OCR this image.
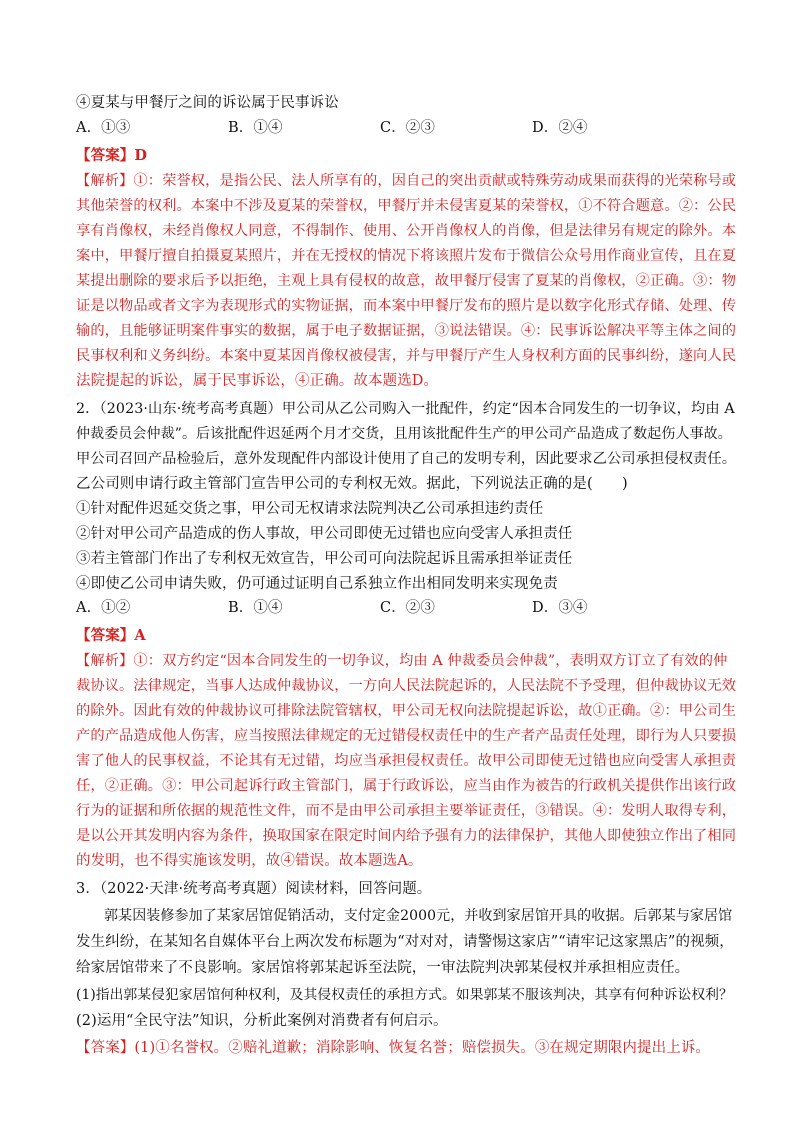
④夏某与甲餐厅之间的诉讼属于民事诉讼
A．①③	B．①④	C．②③	D．②④
【答案】D
【解析】①：荣誉权，是指公民、法人所享有的，因自己的突出贡献或特殊劳动成果而获得的光荣称号或
其他荣誉的权利。本案中不涉及夏某的荣誉权，甲餐厅并未侵害夏某的荣誉权，①不符合题意。②：公民
享有肖像权，未经肖像权人同意，不得制作、使用、公开肖像权人的肖像，但是法律另有规定的除外。本
案中，甲餐厅擅自拍摄夏某照片，并在无授权的情况下将该照片发布于微信公众号用作商业宣传，且在夏
某提出删除的要求后予以拒绝，主观上具有侵权的故意，故甲餐厅侵害了夏某的肖像权，②正确。③：物
证是以物品或者文字为表现形式的实物证据，而本案中甲餐厅发布的照片是以数字化形式存储、处理、传
输的，且能够证明案件事实的数据，属于电子数据证据，③说法错误。④：民事诉讼解决平等主体之间的
民事权利和义务纠纷。本案中夏某因肖像权被侵害，并与甲餐厅产生人身权利方面的民事纠纷，遂向人民
法院提起的诉讼，属于民事诉讼，④正确。故本题选D。
2．（2023·山东·统考高考真题）甲公司从乙公司购入一批配件，约定“因本合同发生的一切争议，均由 A
仲裁委员会仲裁”。后该批配件迟延两个月才交货，且用该批配件生产的甲公司产品造成了数起伤人事故。
甲公司召回产品检验后，意外发现配件内部设计使用了自己的发明专利，因此要求乙公司承担侵权责任。
乙公司则申请行政主管部门宣告甲公司的专利权无效。据此，下列说法正确的是(　　)
①针对配件迟延交货之事，甲公司无权请求法院判决乙公司承担违约责任
②针对甲公司产品造成的伤人事故，甲公司即使无过错也应向受害人承担责任
③若主管部门作出了专利权无效宣告，甲公司可向法院起诉且需承担举证责任
④即使乙公司申请失败，仍可通过证明自己系独立作出相同发明来实现免责
A．①②	B．①④	C．②③	D．③④
【答案】A
【解析】①：双方约定“因本合同发生的一切争议，均由 A 仲裁委员会仲裁”，表明双方订立了有效的仲
裁协议。法律规定，当事人达成仲裁协议，一方向人民法院起诉的，人民法院不予受理，但仲裁协议无效
的除外。因此有效的仲裁协议可排除法院管辖权，甲公司无权向法院提起诉讼，故①正确。②：甲公司生
产的产品造成他人伤害，应当按照法律规定的无过错侵权责任中的生产者产品责任处理，即行为人只要损
害了他人的民事权益，不论其有无过错，均应当承担侵权责任。故甲公司即使无过错也应向受害人承担责
任，②正确。③：甲公司起诉行政主管部门，属于行政诉讼，应当由作为被告的行政机关提供作出该行政
行为的证据和所依据的规范性文件，而不是由甲公司承担主要举证责任，③错误。④：发明人取得专利，
是以公开其发明内容为条件，换取国家在限定时间内给予强有力的法律保护，其他人即使独立作出了相同
的发明，也不得实施该发明，故④错误。故本题选A。
3．（2022·天津·统考高考真题）阅读材料，回答问题。
郭某因装修参加了某家居馆促销活动，支付定金2000元，并收到家居馆开具的收据。后郭某与家居馆
发生纠纷，在某知名自媒体平台上两次发布标题为“对对对，请警惕这家店”“请牢记这家黑店”的视频，
给家居馆带来了不良影响。家居馆将郭某起诉至法院，一审法院判决郭某侵权并承担相应责任。
(1)指出郭某侵犯家居馆何种权利，及其侵权责任的承担方式。如果郭某不服该判决，其享有何种诉讼权利？
(2)运用“全民守法”知识，分析此案例对消费者有何启示。
【答案】(1)①名誉权。②赔礼道歉；消除影响、恢复名誉；赔偿损失。③在规定期限内提出上诉。
